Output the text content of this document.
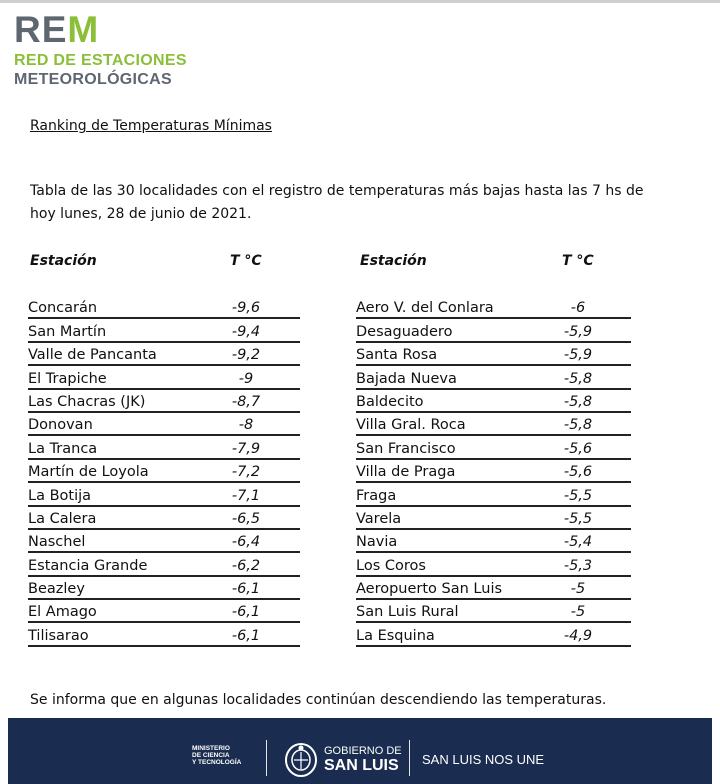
REM
RED DE ESTACIONES
METEOROLÓGICAS
Ranking de Temperaturas Mínimas
Tabla de las 30 localidades con el registro de temperaturas más bajas hasta las 7 hs de hoy lunes, 28 de junio de 2021.
Estación	T °C	Estación	T °C
Concarán	-9,6
San Martín	-9,4
Valle de Pancanta	-9,2
El Trapiche	-9
Las Chacras (JK)	-8,7
Donovan	-8
La Tranca	-7,9
Martín de Loyola	-7,2
La Botija	-7,1
La Calera	-6,5
Naschel	-6,4
Estancia Grande	-6,2
Beazley	-6,1
El Amago	-6,1
Tilisarao	-6,1
Aero V. del Conlara	-6
Desaguadero	-5,9
Santa Rosa	-5,9
Bajada Nueva	-5,8
Baldecito	-5,8
Villa Gral. Roca	-5,8
San Francisco	-5,6
Villa de Praga	-5,6
Fraga	-5,5
Varela	-5,5
Navia	-5,4
Los Coros	-5,3
Aeropuerto San Luis	-5
San Luis Rural	-5
La Esquina	-4,9
Se informa que en algunas localidades continúan descendiendo las temperaturas.
MINISTERIO
DE CIENCIA
Y TECNOLOGÍA
GOBIERNO DE
SAN LUIS SAN LUIS NOS UNE
